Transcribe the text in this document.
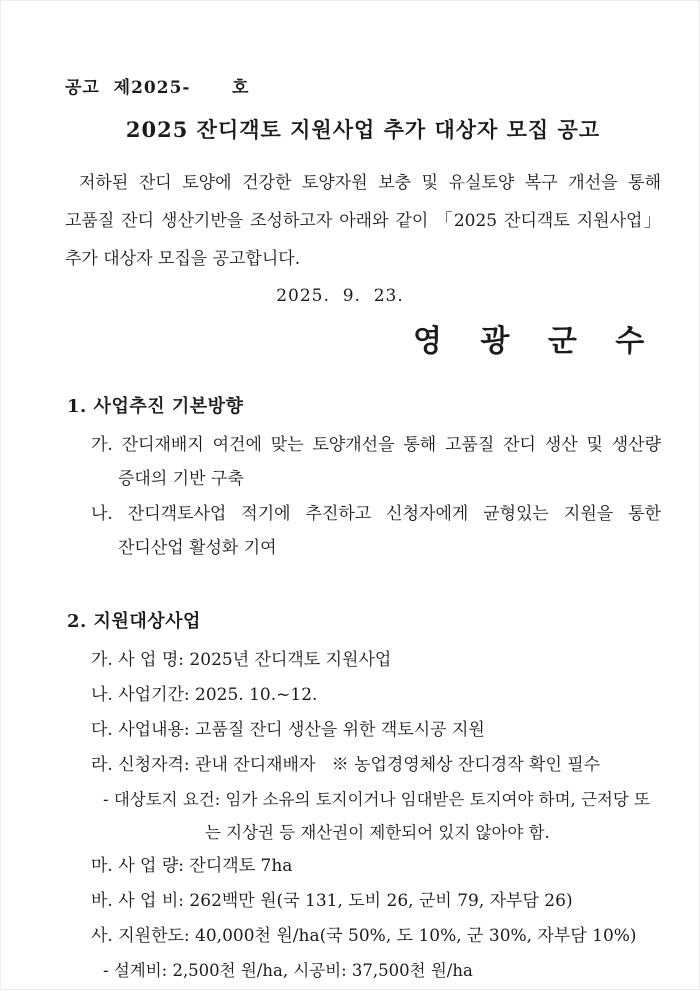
공고  제2025-      호
2025 잔디객토 지원사업 추가 대상자 모집 공고

저하된 잔디 토양에 건강한 토양자원 보충 및 유실토양 복구 개선을 통해 고품질 잔디 생산기반을 조성하고자 아래와 같이 「2025 잔디객토 지원사업」 추가 대상자 모집을 공고합니다.

2025.  9.  23.
영 광 군 수
1. 사업추진 기본방향
가. 잔디재배지 여건에 맞는 토양개선을 통해 고품질 잔디 생산 및 생산량 증대의 기반 구축
나. 잔디객토사업 적기에 추진하고 신청자에게 균형있는 지원을 통한 잔디산업 활성화 기여
2. 지원대상사업
가. 사 업 명: 2025년 잔디객토 지원사업
나. 사업기간: 2025. 10.~12.
다. 사업내용: 고품질 잔디 생산을 위한 객토시공 지원
라. 신청자격: 관내 잔디재배자   ※ 농업경영체상 잔디경작 확인 필수
- 대상토지 요건: 임가 소유의 토지이거나 임대받은 토지여야 하며, 근저당 또
는 지상권 등 재산권이 제한되어 있지 않아야 함.
마. 사 업 량: 잔디객토 7ha
바. 사 업 비: 262백만 원(국 131, 도비 26, 군비 79, 자부담 26)
사. 지원한도: 40,000천 원/ha(국 50%, 도 10%, 군 30%, 자부담 10%)
- 설계비: 2,500천 원/ha, 시공비: 37,500천 원/ha
